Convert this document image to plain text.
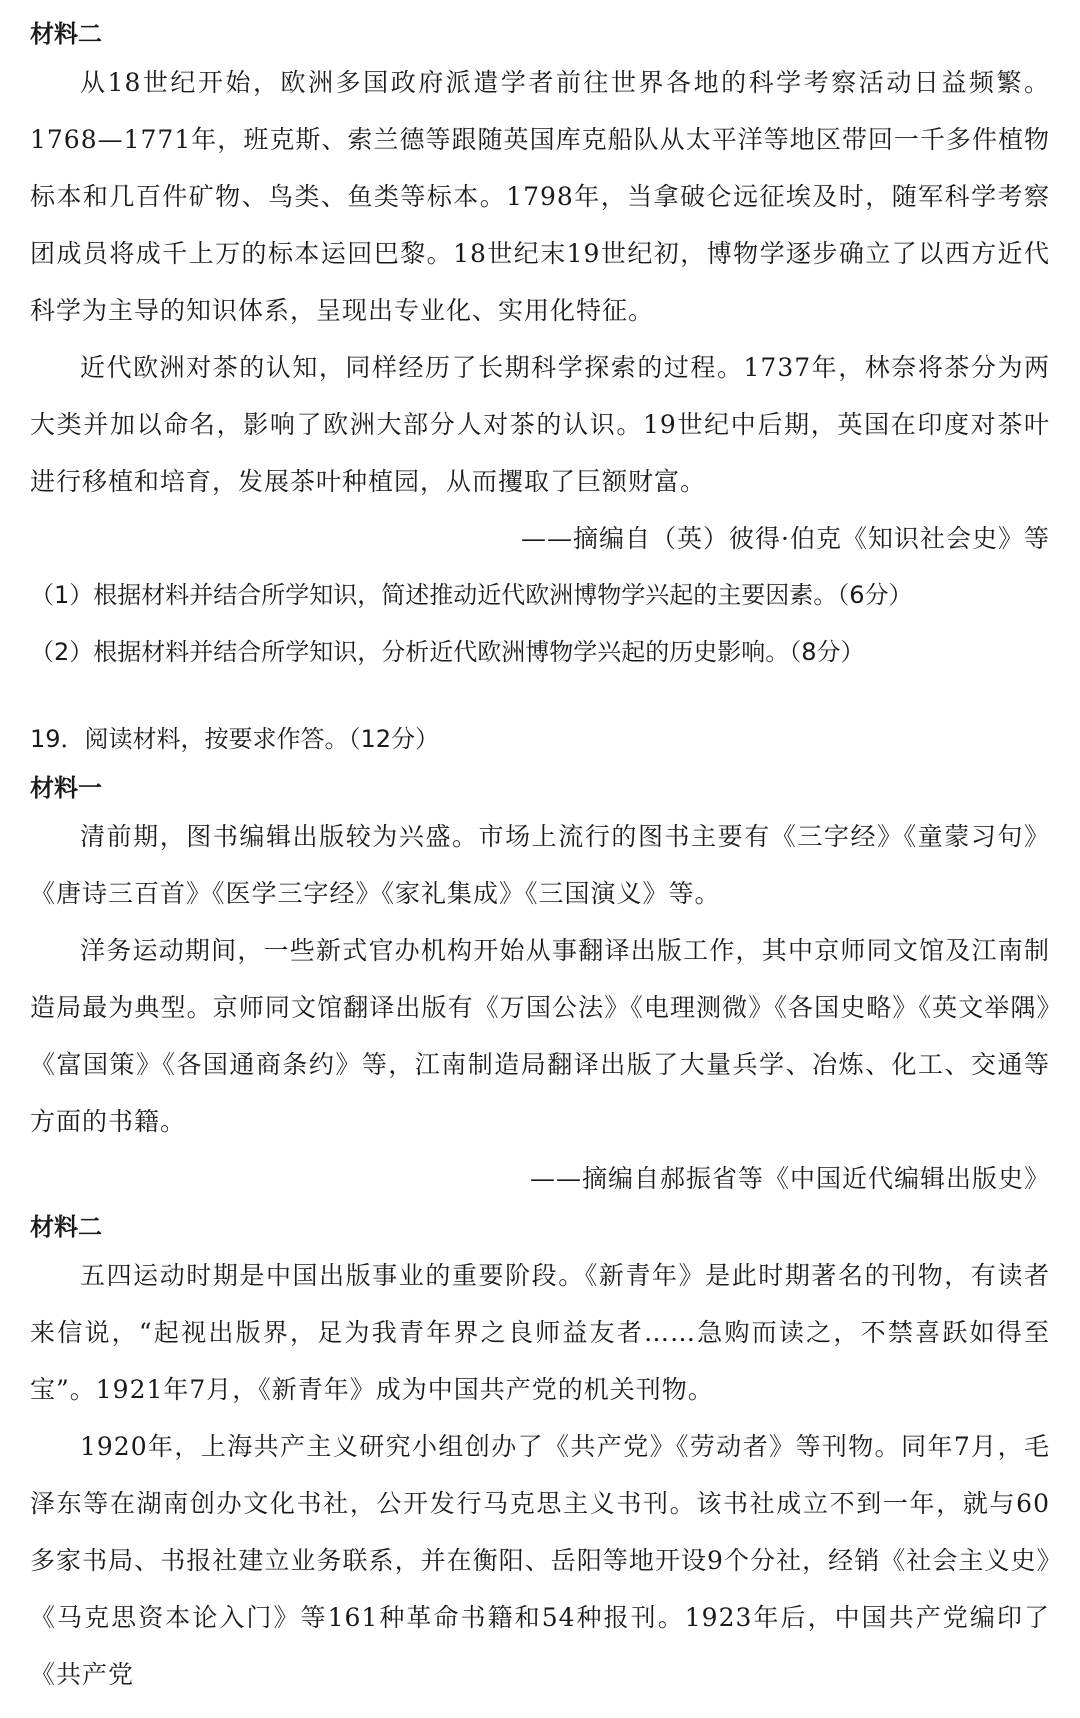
材料二

从18世纪开始，欧洲多国政府派遣学者前往世界各地的科学考察活动日益频繁。1768—1771年，班克斯、索兰德等跟随英国库克船队从太平洋等地区带回一千多件植物标本和几百件矿物、鸟类、鱼类等标本。1798年，当拿破仑远征埃及时，随军科学考察团成员将成千上万的标本运回巴黎。18世纪末19世纪初，博物学逐步确立了以西方近代科学为主导的知识体系，呈现出专业化、实用化特征。

近代欧洲对茶的认知，同样经历了长期科学探索的过程。1737年，林奈将茶分为两大类并加以命名，影响了欧洲大部分人对茶的认识。19世纪中后期，英国在印度对茶叶进行移植和培育，发展茶叶种植园，从而攫取了巨额财富。

——摘编自（英）彼得·伯克《知识社会史》等

（1）根据材料并结合所学知识，简述推动近代欧洲博物学兴起的主要因素。（6分）

（2）根据材料并结合所学知识，分析近代欧洲博物学兴起的历史影响。（8分）

19．阅读材料，按要求作答。（12分）

材料一

清前期，图书编辑出版较为兴盛。市场上流行的图书主要有《三字经》《童蒙习句》《唐诗三百首》《医学三字经》《家礼集成》《三国演义》等。

洋务运动期间，一些新式官办机构开始从事翻译出版工作，其中京师同文馆及江南制造局最为典型。京师同文馆翻译出版有《万国公法》《电理测微》《各国史略》《英文举隅》《富国策》《各国通商条约》等，江南制造局翻译出版了大量兵学、冶炼、化工、交通等方面的书籍。

——摘编自郝振省等《中国近代编辑出版史》

材料二

五四运动时期是中国出版事业的重要阶段。《新青年》是此时期著名的刊物，有读者来信说，“起视出版界，足为我青年界之良师益友者……急购而读之，不禁喜跃如得至宝”。1921年7月，《新青年》成为中国共产党的机关刊物。

1920年，上海共产主义研究小组创办了《共产党》《劳动者》等刊物。同年7月，毛泽东等在湖南创办文化书社，公开发行马克思主义书刊。该书社成立不到一年，就与60多家书局、书报社建立业务联系，并在衡阳、岳阳等地开设9个分社，经销《社会主义史》《马克思资本论入门》等161种革命书籍和54种报刊。1923年后，中国共产党编印了《共产党
